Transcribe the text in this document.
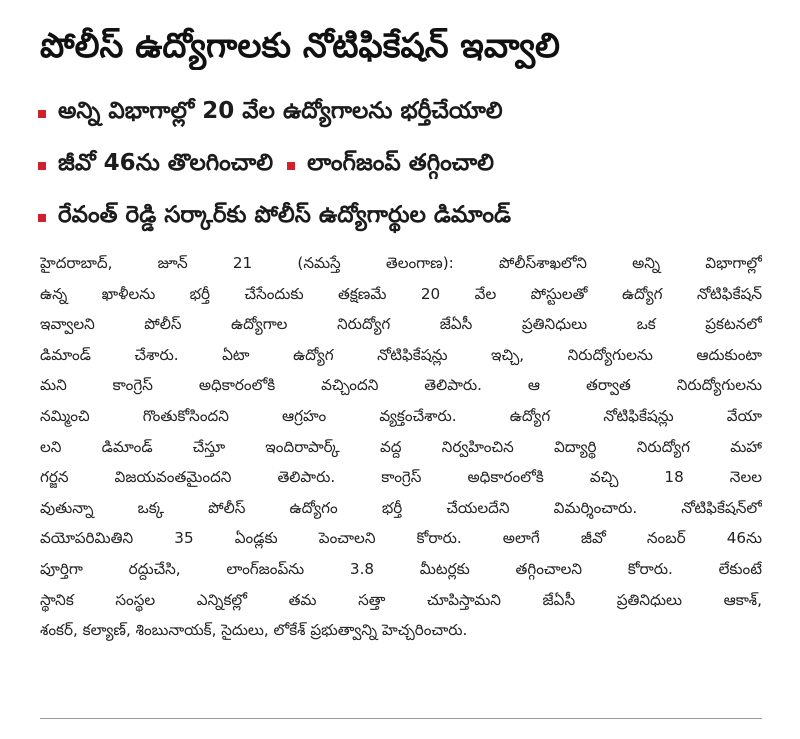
పోలీస్ ఉద్యోగాలకు నోటిఫికేషన్ ఇవ్వాలి
అన్ని విభాగాల్లో 20 వేల ఉద్యోగాలను భర్తీచేయాలి
జీవో 46ను తొలగించాలి లాంగ్‌జంప్ తగ్గించాలి
రేవంత్ రెడ్డి సర్కార్‌కు పోలీస్ ఉద్యోగార్థుల డిమాండ్
హైదరాబాద్, జూన్ 21 (నమస్తే తెలంగాణ): పోలీస్‌శాఖలోని అన్ని విభాగాల్లో
ఉన్న ఖాళీలను భర్తీ చేసేందుకు తక్షణమే 20 వేల పోస్టులతో ఉద్యోగ నోటిఫికేషన్
ఇవ్వాలని పోలీస్ ఉద్యోగాల నిరుద్యోగ జేఏసీ ప్రతినిధులు ఒక ప్రకటనలో
డిమాండ్ చేశారు. ఏటా ఉద్యోగ నోటిఫికేషన్లు ఇచ్చి, నిరుద్యోగులను ఆదుకుంటా
మని కాంగ్రెస్ అధికారంలోకి వచ్చిందని తెలిపారు. ఆ తర్వాత నిరుద్యోగులను
నమ్మించి గొంతుకోసిందని ఆగ్రహం వ్యక్తంచేశారు. ఉద్యోగ నోటిఫికేషన్లు వేయా
లని డిమాండ్ చేస్తూ ఇందిరాపార్క్ వద్ద నిర్వహించిన విద్యార్థి నిరుద్యోగ మహా
గర్జన విజయవంతమైందని తెలిపారు. కాంగ్రెస్ అధికారంలోకి వచ్చి 18 నెలల
వుతున్నా ఒక్క పోలీస్ ఉద్యోగం భర్తీ చేయలదేని విమర్శించారు. నోటిఫికేషన్‌లో
వయోపరిమితిని 35 ఏండ్లకు పెంచాలని కోరారు. అలాగే జీవో నంబర్ 46ను
పూర్తిగా రద్దుచేసి, లాంగ్‌జంప్‌ను 3.8 మీటర్లకు తగ్గించాలని కోరారు. లేకుంటే
స్థానిక సంస్థల ఎన్నికల్లో తమ సత్తా చూపిస్తామని జేఏసీ ప్రతినిధులు ఆకాశ్,
శంకర్, కల్యాణ్, శింబునాయక్, సైదులు, లోకేశ్ ప్రభుత్వాన్ని హెచ్చరించారు.
